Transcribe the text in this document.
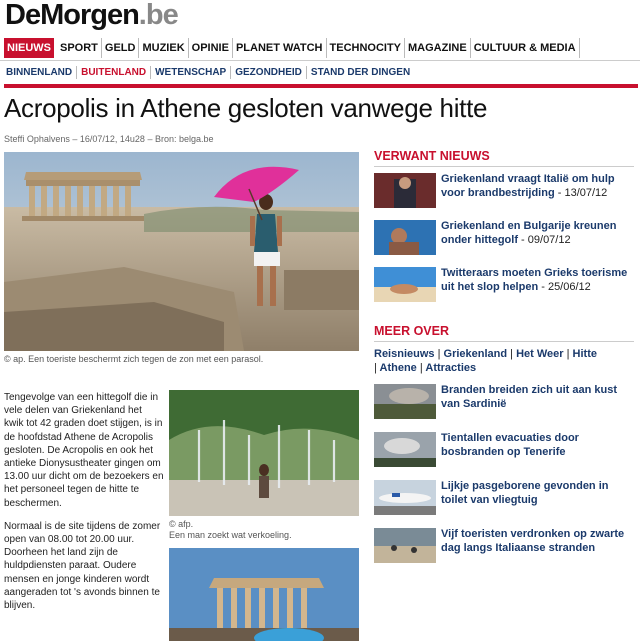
DeMorgen.be
NIEUWS SPORT GELD MUZIEK OPINIE PLANET WATCH TECHNOCITY MAGAZINE CULTUUR & MEDIA
BINNENLAND BUITENLAND WETENSCHAP GEZONDHEID STAND DER DINGEN
Acropolis in Athene gesloten vanwege hitte
Steffi Ophalvens – 16/07/12, 14u28 – Bron: belga.be
© ap. Een toeriste beschermt zich tegen de zon met een parasol.

Tengevolge van een hittegolf die in vele delen van Griekenland het kwik tot 42 graden doet stijgen, is in de hoofdstad Athene de Acropolis gesloten. De Acropolis en ook het antieke Dionysustheater gingen om 13.00 uur dicht om de bezoekers en het personeel tegen de hitte te beschermen.

Normaal is de site tijdens de zomer open van 08.00 tot 20.00 uur. Doorheen het land zijn de huldpdiensten paraat. Oudere mensen en jonge kinderen wordt aangeraden tot 's avonds binnen te blijven.

© afp.
Een man zoekt wat verkoeling.
VERWANT NIEUWS
Griekenland vraagt Italië om hulp voor brandbestrijding - 13/07/12
Griekenland en Bulgarije kreunen onder hittegolf - 09/07/12
Twitteraars moeten Grieks toerisme uit het slop helpen - 25/06/12
MEER OVER
Reisnieuws | Griekenland | Het Weer | Hitte
| Athene | Attracties
Branden breiden zich uit aan kust van Sardinië
Tientallen evacuaties door bosbranden op Tenerife
Lijkje pasgeborene gevonden in toilet van vliegtuig
Vijf toeristen verdronken op zwarte dag langs Italiaanse stranden
